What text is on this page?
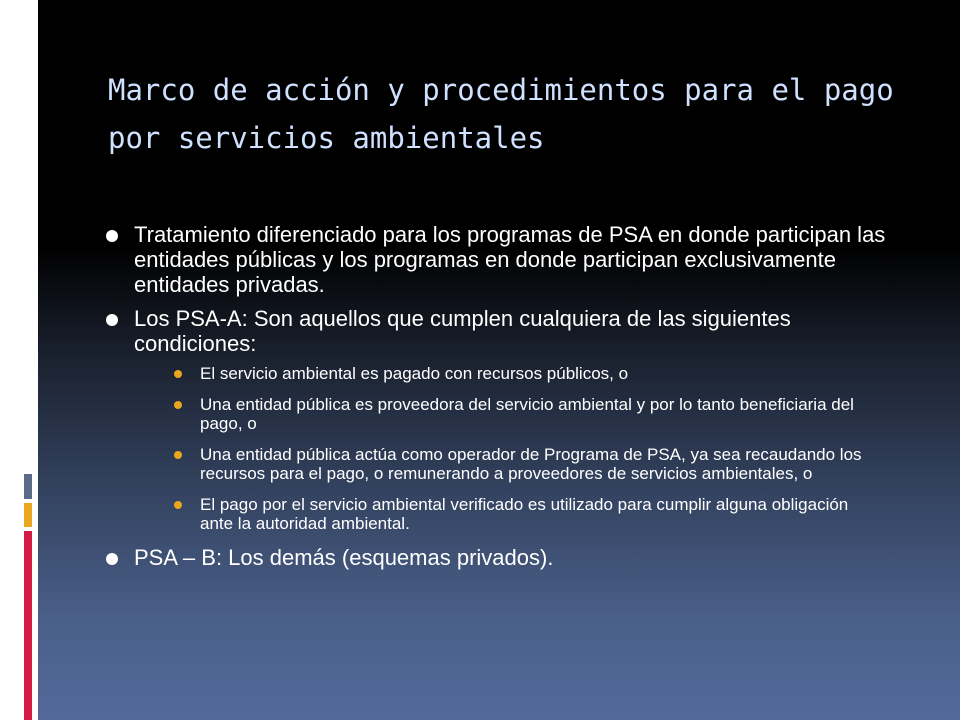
Marco de acción y procedimientos para el pago por servicios ambientales
Tratamiento diferenciado para los programas de PSA en donde participan las entidades públicas y los programas en donde participan exclusivamente entidades privadas.
Los PSA-A: Son aquellos que cumplen cualquiera de las siguientes condiciones:
El servicio ambiental es pagado con recursos públicos, o
Una entidad pública es proveedora del servicio ambiental y por lo tanto beneficiaria del pago, o
Una entidad pública actúa como operador de Programa de PSA, ya sea recaudando los recursos para el pago, o remunerando a proveedores de servicios ambientales, o
El pago por el servicio ambiental verificado es utilizado para cumplir alguna obligación ante la autoridad ambiental.
PSA – B: Los demás (esquemas privados).
